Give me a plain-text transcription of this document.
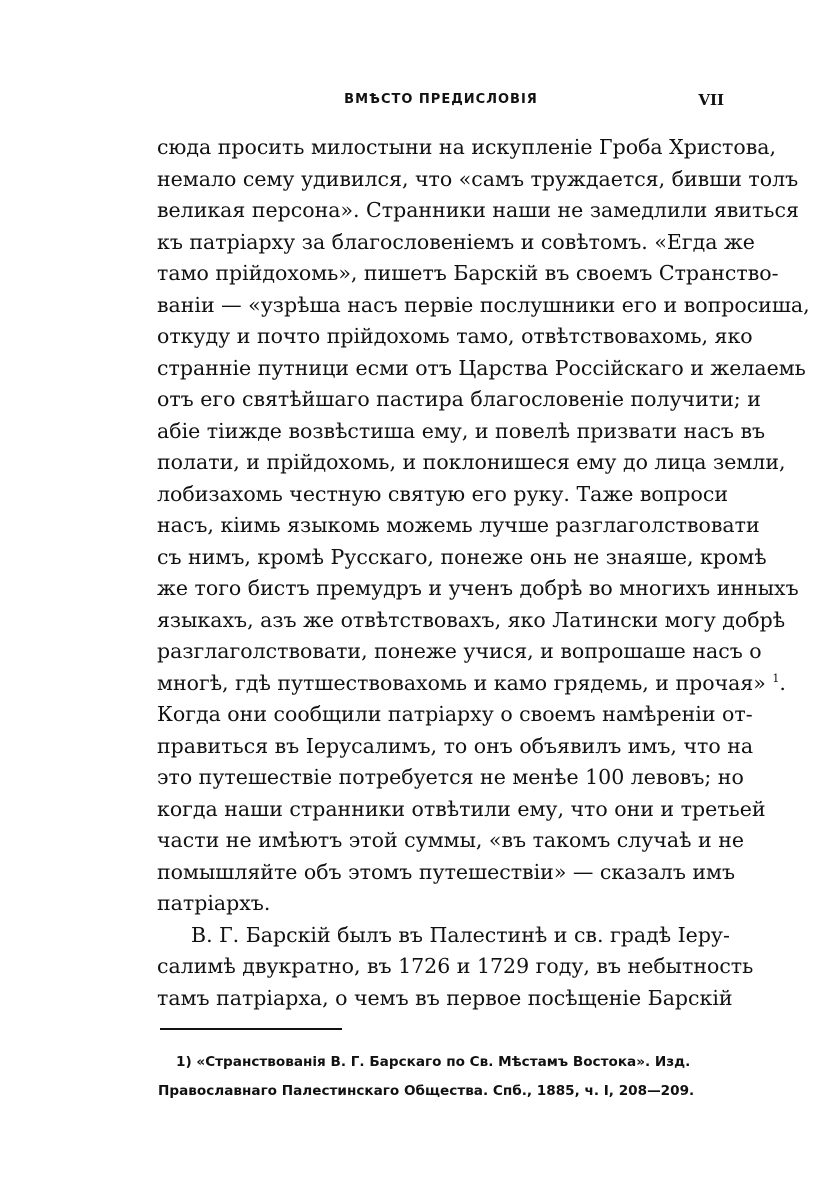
ВМѢСТО ПРЕДИСЛОВІЯ	VII
сюда просить милостыни на искупленіе Гроба Христова,
немало сему удивился, что «самъ труждается, бивши толъ
великая персона». Странники наши не замедлили явиться
къ патріарху за благословеніемъ и совѣтомъ. «Егда же
тамо прійдохомь», пишетъ Барскій въ своемъ Странство-
ваніи — «узрѣша насъ первіе послушники его и вопросиша,
откуду и почто прійдохомь тамо, отвѣтствовахомь, яко
страннiе путници есми отъ Царства Россійскаго и желаемь
отъ его святѣйшаго пастира благословеніе получити; и
абіе тіижде возвѣстиша ему, и повелѣ призвати насъ въ
полати, и прійдохомь, и поклонишеся ему до лица земли,
лобизахомь честную святую его руку. Таже вопроси
насъ, кіимь языкомь можемь лучше разглаголствовати
съ нимъ, кромѣ Русскаго, понеже онь не знаяше, кромѣ
же того бистъ премудръ и ученъ добрѣ во многихъ инныхъ
языкахъ, азъ же отвѣтствовахъ, яко Латински могу добрѣ
разглаголствовати, понеже учися, и вопрошаше насъ о
многѣ, гдѣ путшествовахомь и камо грядемь, и прочая» $^1$.
Когда они сообщили патріарху о своемъ намѣреніи от-
правиться въ Іерусалимъ, то онъ объявилъ имъ, что на
это путешествіе потребуется не менѣе 100 левовъ; но
когда наши странники отвѣтили ему, что они и третьей
части не имѣютъ этой суммы, «въ такомъ случаѣ и не
помышляйте объ этомъ путешествіи» — сказалъ имъ
патріархъ.
В. Г. Барскій былъ въ Палестинѣ и св. градѣ Іеру-
салимѣ двукратно, въ 1726 и 1729 году, въ небытность
тамъ патріарха, о чемъ въ первое посѣщеніе Барскій
1) «Странствованія В. Г. Барскаго по Св. Мѣстамъ Востока». Изд.
Православнаго Палестинскаго Общества. Спб., 1885, ч. I, 208—209.
